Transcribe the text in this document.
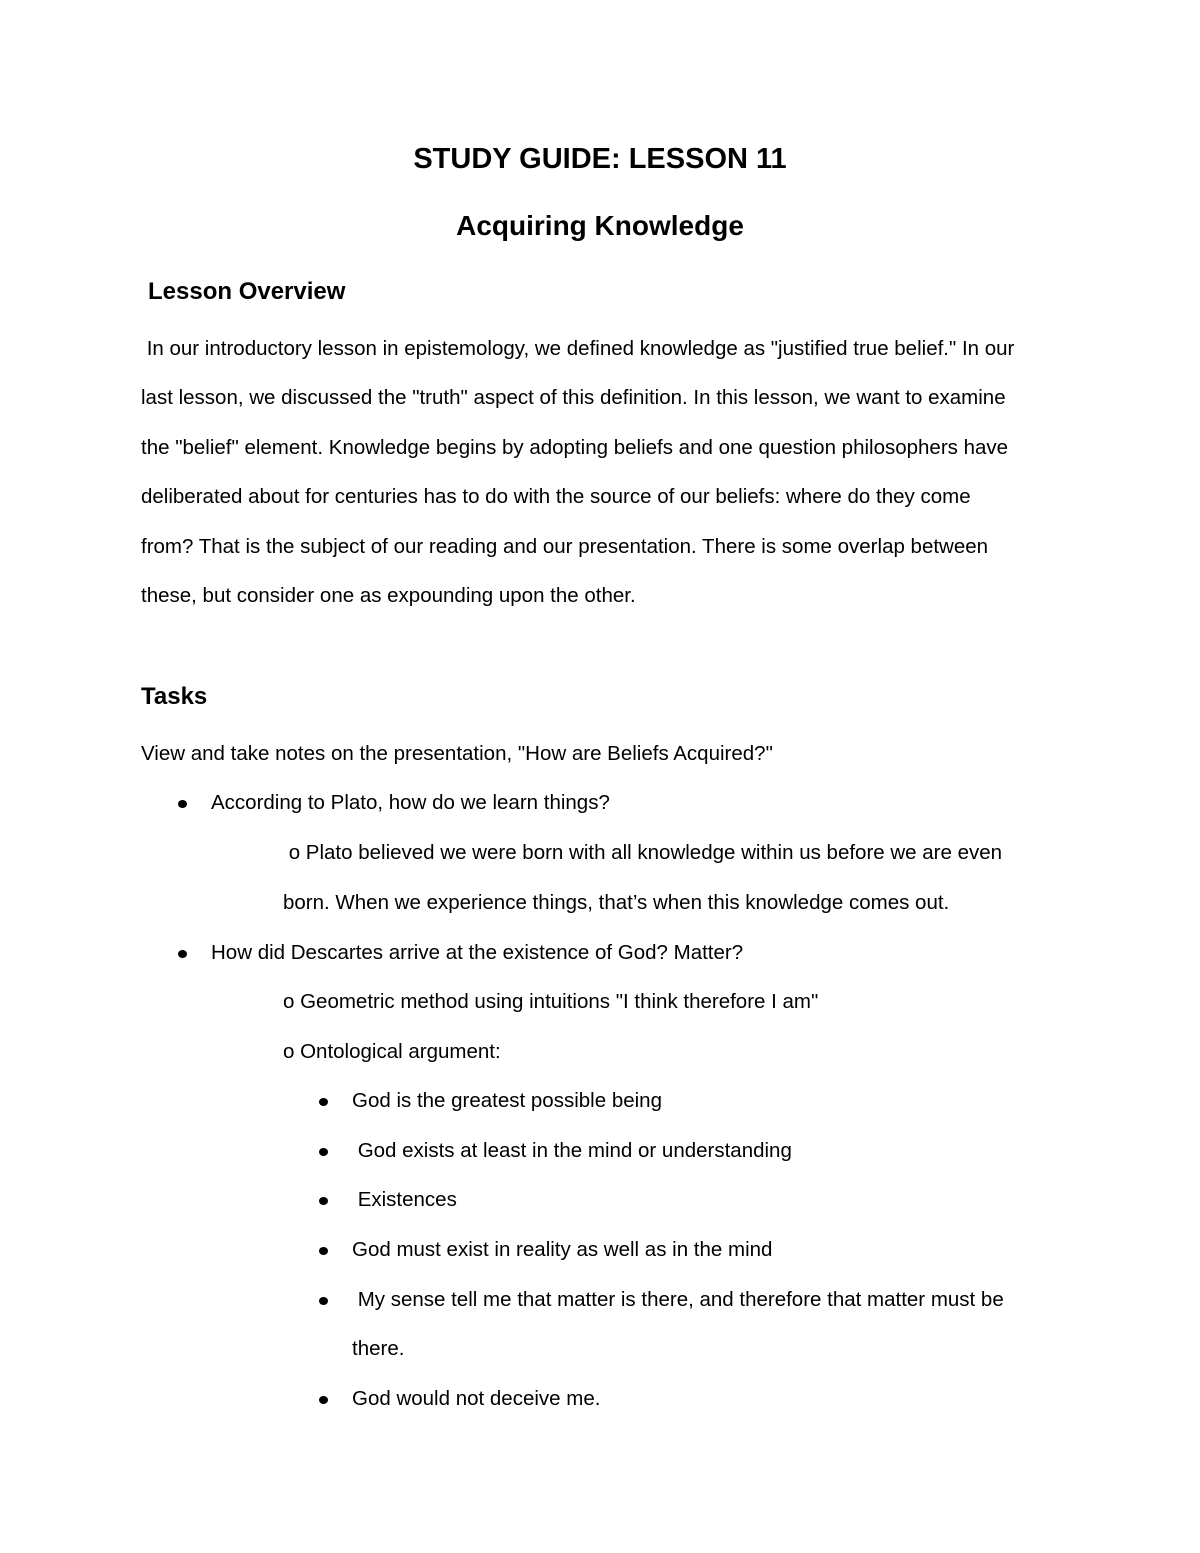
STUDY GUIDE: LESSON 11
Acquiring Knowledge
Lesson Overview

In our introductory lesson in epistemology, we defined knowledge as "justified true belief." In our

last lesson, we discussed the "truth" aspect of this definition. In this lesson, we want to examine

the "belief" element. Knowledge begins by adopting beliefs and one question philosophers have

deliberated about for centuries has to do with the source of our beliefs: where do they come

from? That is the subject of our reading and our presentation. There is some overlap between

these, but consider one as expounding upon the other.

Tasks

View and take notes on the presentation, "How are Beliefs Acquired?"

According to Plato, how do we learn things?

o Plato believed we were born with all knowledge within us before we are even

born. When we experience things, that’s when this knowledge comes out.

How did Descartes arrive at the existence of God? Matter?

o Geometric method using intuitions "I think therefore I am"

o Ontological argument:

God is the greatest possible being

God exists at least in the mind or understanding

Existences

God must exist in reality as well as in the mind

My sense tell me that matter is there, and therefore that matter must be

there.

God would not deceive me.
